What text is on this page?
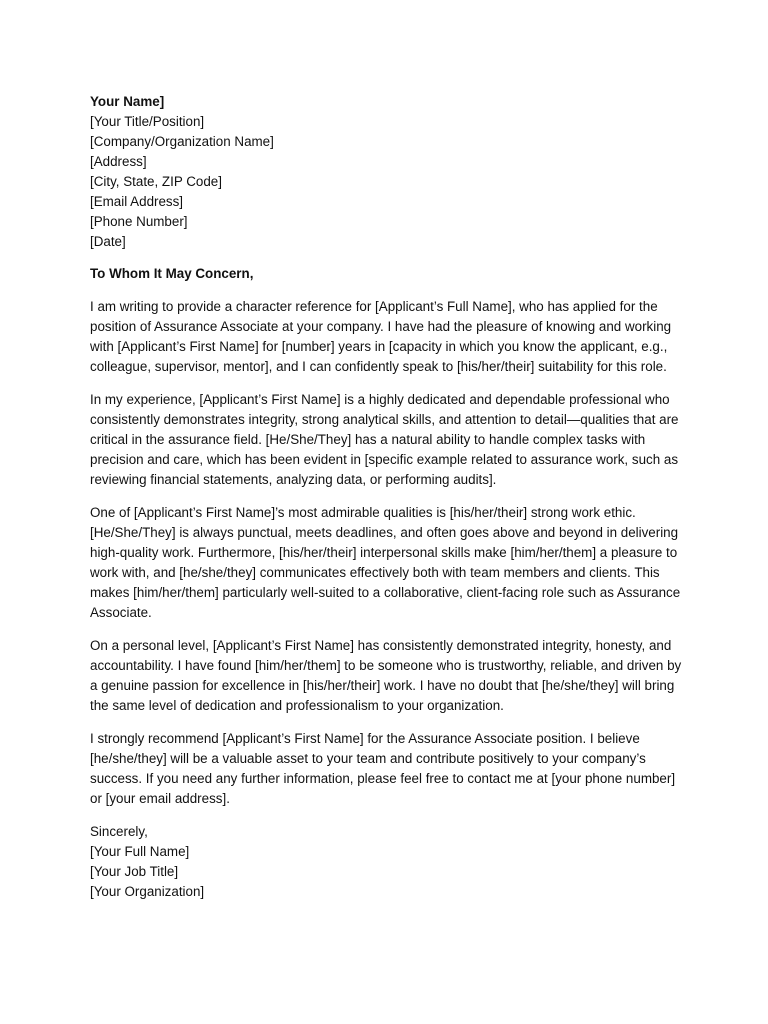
Your Name]
[Your Title/Position]
[Company/Organization Name]
[Address]
[City, State, ZIP Code]
[Email Address]
[Phone Number]
[Date]
To Whom It May Concern,

I am writing to provide a character reference for [Applicant’s Full Name], who has applied for the position of Assurance Associate at your company. I have had the pleasure of knowing and working with [Applicant’s First Name] for [number] years in [capacity in which you know the applicant, e.g., colleague, supervisor, mentor], and I can confidently speak to [his/her/their] suitability for this role.

In my experience, [Applicant’s First Name] is a highly dedicated and dependable professional who consistently demonstrates integrity, strong analytical skills, and attention to detail—qualities that are critical in the assurance field. [He/She/They] has a natural ability to handle complex tasks with precision and care, which has been evident in [specific example related to assurance work, such as reviewing financial statements, analyzing data, or performing audits].

One of [Applicant’s First Name]’s most admirable qualities is [his/her/their] strong work ethic. [He/She/They] is always punctual, meets deadlines, and often goes above and beyond in delivering high-quality work. Furthermore, [his/her/their] interpersonal skills make [him/her/them] a pleasure to work with, and [he/she/they] communicates effectively both with team members and clients. This makes [him/her/them] particularly well-suited to a collaborative, client-facing role such as Assurance Associate.

On a personal level, [Applicant’s First Name] has consistently demonstrated integrity, honesty, and accountability. I have found [him/her/them] to be someone who is trustworthy, reliable, and driven by a genuine passion for excellence in [his/her/their] work. I have no doubt that [he/she/they] will bring the same level of dedication and professionalism to your organization.

I strongly recommend [Applicant’s First Name] for the Assurance Associate position. I believe [he/she/they] will be a valuable asset to your team and contribute positively to your company’s success. If you need any further information, please feel free to contact me at [your phone number] or [your email address].

Sincerely,
[Your Full Name]
[Your Job Title]
[Your Organization]
